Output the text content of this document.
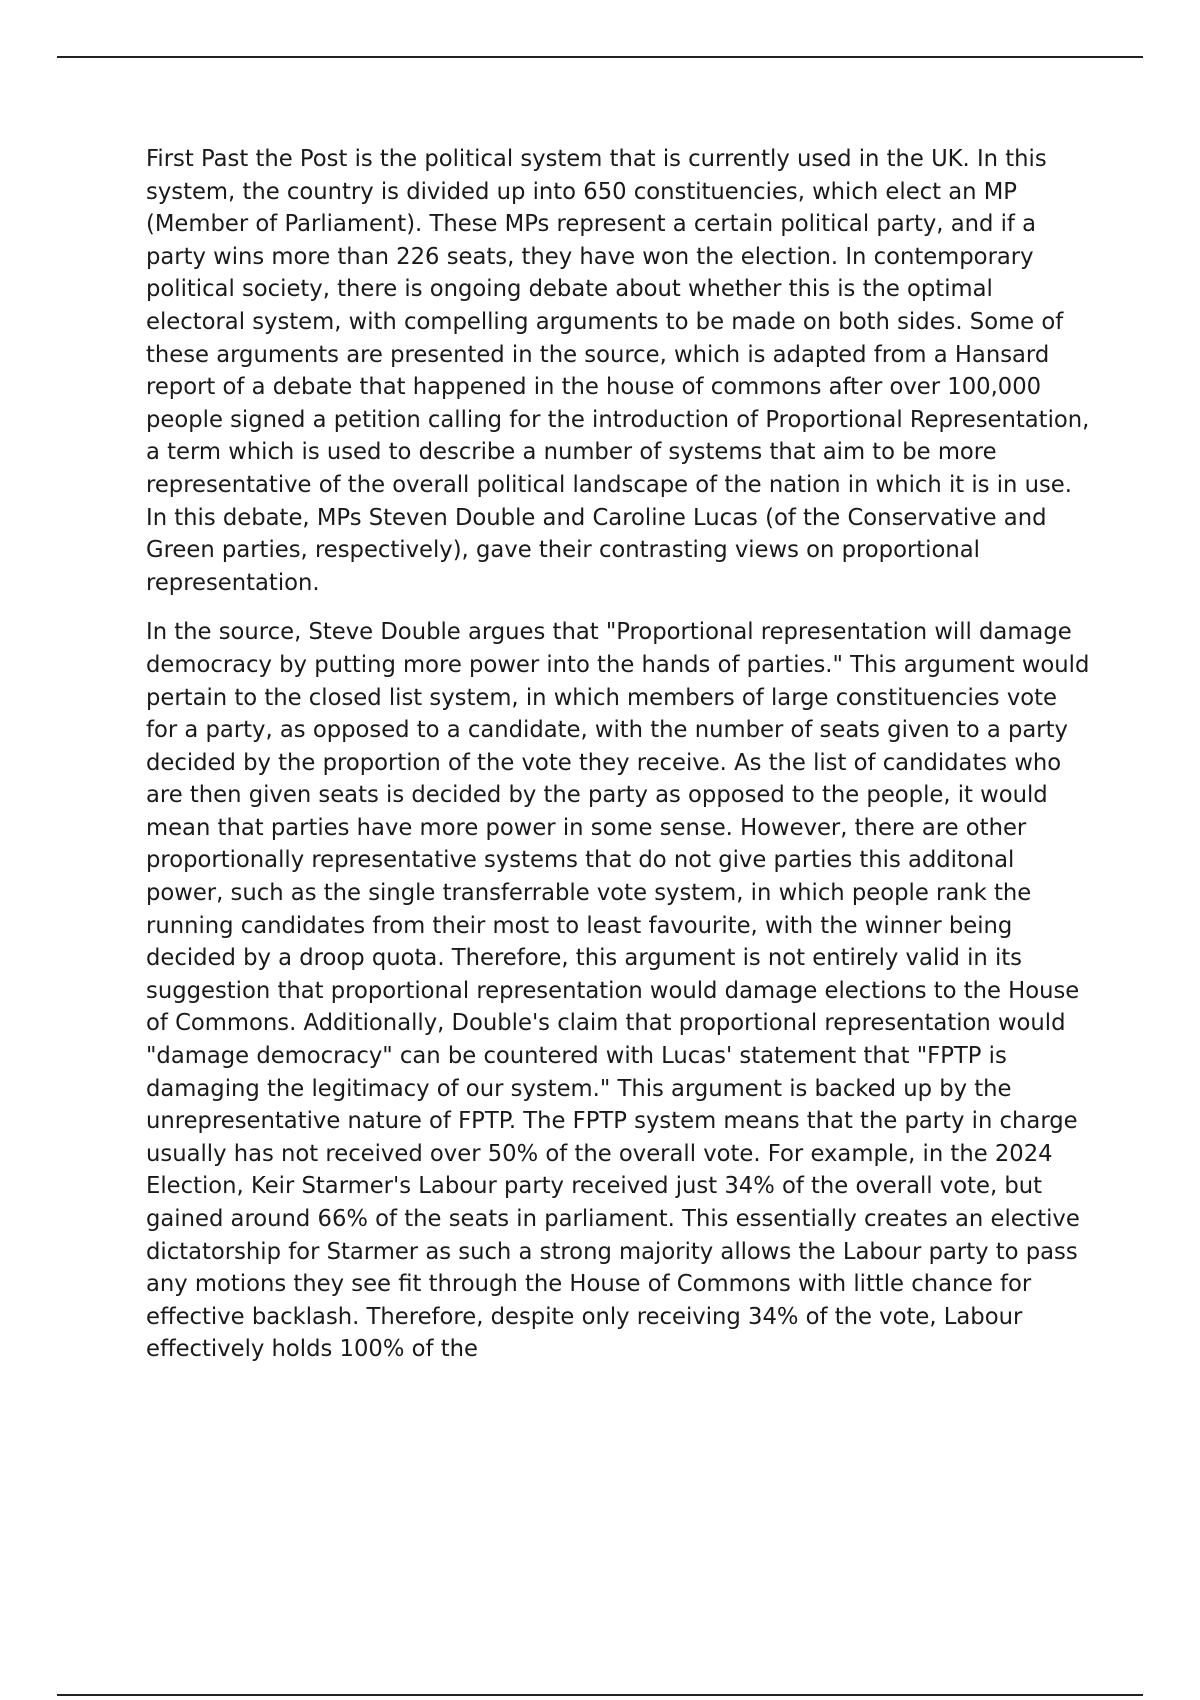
First Past the Post is the political system that is currently used in the UK. In this system, the country is divided up into 650 constituencies, which elect an MP (Member of Parliament). These MPs represent a certain political party, and if a party wins more than 226 seats, they have won the election. In contemporary political society, there is ongoing debate about whether this is the optimal electoral system, with compelling arguments to be made on both sides. Some of these arguments are presented in the source, which is adapted from a Hansard report of a debate that happened in the house of commons after over 100,000 people signed a petition calling for the introduction of Proportional Representation, a term which is used to describe a number of systems that aim to be more representative of the overall political landscape of the nation in which it is in use. In this debate, MPs Steven Double and Caroline Lucas (of the Conservative and Green parties, respectively), gave their contrasting views on proportional representation.

In the source, Steve Double argues that "Proportional representation will damage democracy by putting more power into the hands of parties." This argument would pertain to the closed list system, in which members of large constituencies vote for a party, as opposed to a candidate, with the number of seats given to a party decided by the proportion of the vote they receive. As the list of candidates who are then given seats is decided by the party as opposed to the people, it would mean that parties have more power in some sense. However, there are other proportionally representative systems that do not give parties this additonal power, such as the single transferrable vote system, in which people rank the running candidates from their most to least favourite, with the winner being decided by a droop quota. Therefore, this argument is not entirely valid in its suggestion that proportional representation would damage elections to the House of Commons. Additionally, Double's claim that proportional representation would "damage democracy" can be countered with Lucas' statement that "FPTP is damaging the legitimacy of our system." This argument is backed up by the unrepresentative nature of FPTP. The FPTP system means that the party in charge usually has not received over 50% of the overall vote. For example, in the 2024 Election, Keir Starmer's Labour party received just 34% of the overall vote, but gained around 66% of the seats in parliament. This essentially creates an elective dictatorship for Starmer as such a strong majority allows the Labour party to pass any motions they see fit through the House of Commons with little chance for effective backlash. Therefore, despite only receiving 34% of the vote, Labour effectively holds 100% of the
